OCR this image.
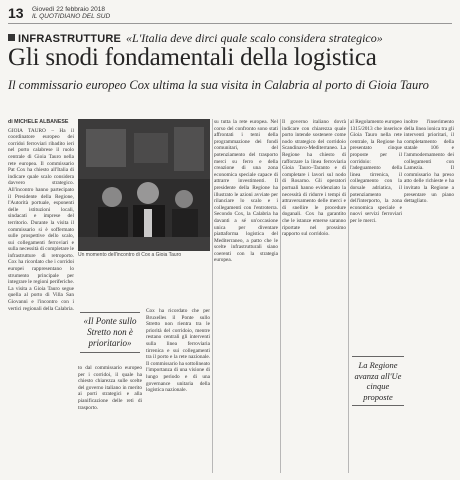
13 Giovedì 22 febbraio 2018
IL QUOTIDIANO DEL SUD
INFRASTRUTTURE «L'Italia deve dirci quale scalo considera strategico»
Gli snodi fondamentali della logistica
Il commissario europeo Cox ultima la sua visita in Calabria al porto di Gioia Tauro
di MICHELE ALBANESE
GIOIA TAURO – Ha il coordinatore europeo dei corridoi ferroviari ribadito ieri nel porto calabrese il ruolo centrale di Gioia Tauro nella rete europea. Il commissario Pat Cox ha chiesto all'Italia di indicare quale scalo considera davvero strategico. All'incontro hanno partecipato il Presidente della Regione, l'Autorità portuale, esponenti delle istituzioni locali, sindacati e imprese del territorio. Durante la visita il commissario si è soffermato sulle prospettive dello scalo, sui collegamenti ferroviari e sulla necessità di completare le infrastrutture di retroporto. Cox ha ricordato che i corridoi europei rappresentano lo strumento principale per integrare le regioni periferiche. La visita a Gioia Tauro segue quella al porto di Villa San Giovanni e l'incontro con i vertici regionali della Calabria.
Un momento dell'incontro di Cox a Gioia Tauro
«Il Ponte sullo Stretto non è prioritario»
to dal commissario europeo per i corridoi, il quale ha chiesto chiarezza sulle scelte del governo italiano in merito ai porti strategici e alla pianificazione delle reti di trasporto.
Cox ha ricordato che per Bruxelles il Ponte sullo Stretto non rientra tra le priorità del corridoio, mentre restano centrali gli interventi sulla linea ferroviaria tirrenica e sui collegamenti tra il porto e la rete nazionale. Il commissario ha sottolineato l'importanza di una visione di lungo periodo e di una governance unitaria della logistica nazionale.
su tutta la rete europea. Nel corso del confronto sono stati affrontati i temi della programmazione dei fondi comunitari, del potenziamento del trasporto merci su ferro e della creazione di una zona economica speciale capace di attrarre investimenti. Il presidente della Regione ha illustrato le azioni avviate per rilanciare lo scalo e i collegamenti con l'entroterra. Secondo Cox, la Calabria ha davanti a sé un'occasione unica per diventare piattaforma logistica del Mediterraneo, a patto che le scelte infrastrutturali siano coerenti con la strategia europea.
Il governo italiano dovrà indicare con chiarezza quale porto intende sostenere come nodo strategico del corridoio Scandinavo-Mediterraneo. La Regione ha chiesto di rafforzare la linea ferroviaria Gioia Tauro–Taranto e di completare i lavori sul nodo di Rosarno. Gli operatori portuali hanno evidenziato la necessità di ridurre i tempi di attraversamento delle merci e di snellire le procedure doganali. Cox ha garantito che le istanze emerse saranno riportate nel prossimo rapporto sul corridoio.
al Regolamento europeo 1315/2013 che inserisce Gioia Tauro nella rete centrale, la Regione ha presentato cinque proposte per il corridoio: l'adeguamento della linea tirrenica, il collegamento con la dorsale adriatica, il potenziamento dell'interporto, la zona economica speciale e nuovi servizi ferroviari per le merci.
inoltre l'inserimento della linea ionica tra gli interventi prioritari, il completamento della statale 106 e l'ammodernamento dei collegamenti con Lamezia. Il commissario ha preso atto delle richieste e ha invitato la Regione a presentare un piano dettagliato.
La Regione avanza all'Ue cinque proposte
